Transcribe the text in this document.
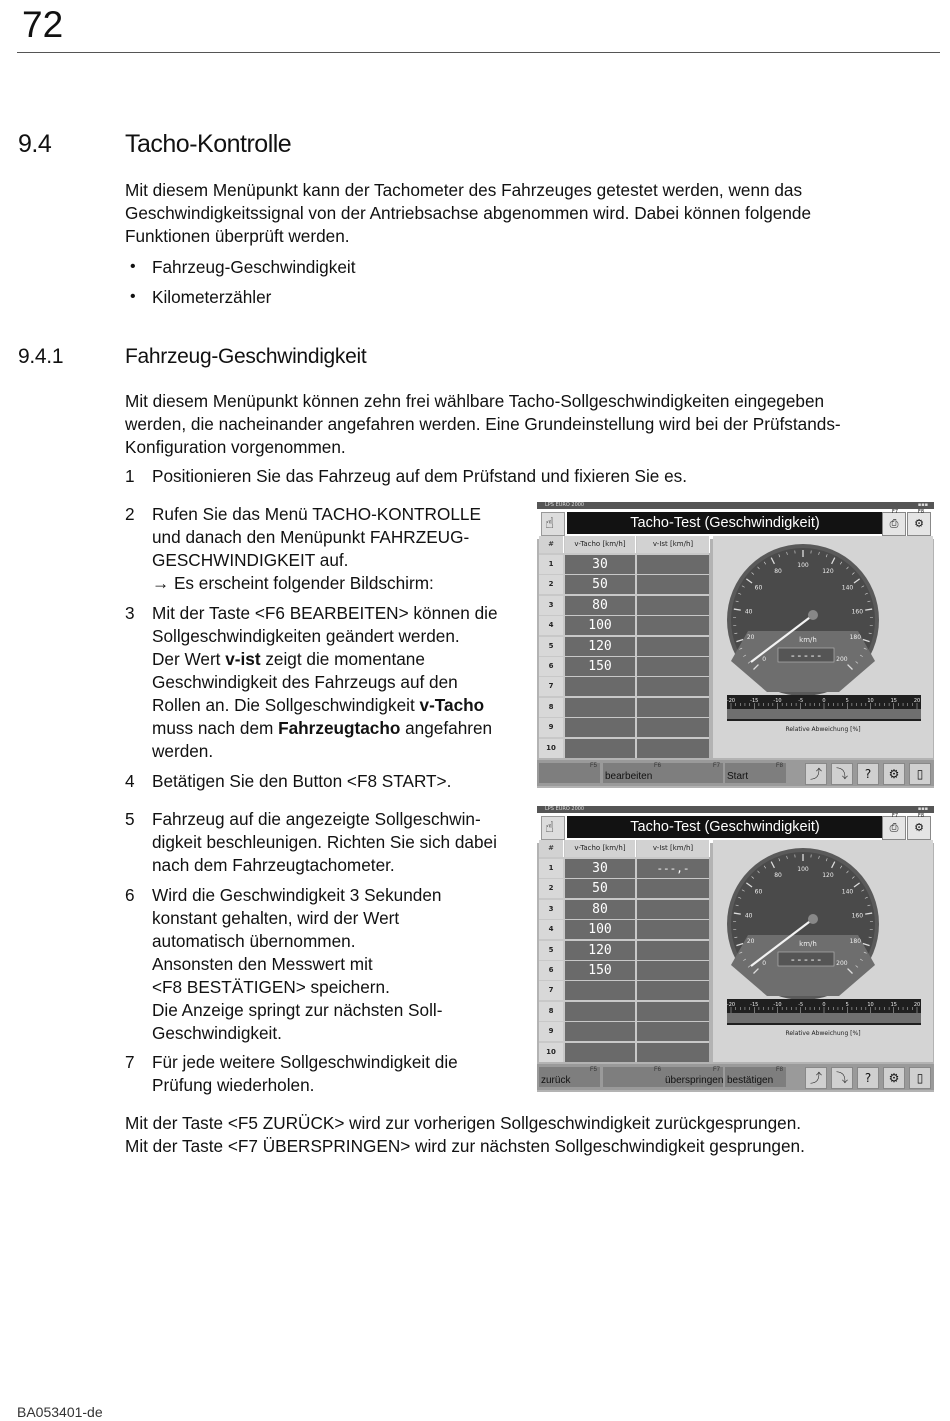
72
9.4	Tacho-Kontrolle
Mit diesem Menüpunkt kann der Tachometer des Fahrzeuges getestet werden, wenn das
Geschwindigkeitssignal von der Antriebsachse abgenommen wird. Dabei können folgende
Funktionen überprüft werden.
• Fahrzeug-Geschwindigkeit
• Kilometerzähler
9.4.1	Fahrzeug-Geschwindigkeit
Mit diesem Menüpunkt können zehn frei wählbare Tacho-Sollgeschwindigkeiten eingegeben
werden, die nacheinander angefahren werden. Eine Grundeinstellung wird bei der Prüfstands-
Konfiguration vorgenommen.
1 Positionieren Sie das Fahrzeug auf dem Prüfstand und fixieren Sie es.
2 Rufen Sie das Menü TACHO-KONTROLLE
und danach den Menüpunkt FAHRZEUG-
GESCHWINDIGKEIT auf.
→ Es erscheint folgender Bildschirm:
3 Mit der Taste <F6 BEARBEITEN> können die
Sollgeschwindigkeiten geändert werden.
Der Wert v-ist zeigt die momentane
Geschwindigkeit des Fahrzeugs auf den
Rollen an. Die Sollgeschwindigkeit v-Tacho
muss nach dem Fahrzeugtacho angefahren
werden.
4 Betätigen Sie den Button <F8 START>.
5 Fahrzeug auf die angezeigte Sollgeschwin-
digkeit beschleunigen. Richten Sie sich dabei
nach dem Fahrzeugtachometer.
6 Wird die Geschwindigkeit 3 Sekunden
konstant gehalten, wird der Wert
automatisch übernommen.
Ansonsten den Messwert mit
<F8 BESTÄTIGEN> speichern.
Die Anzeige springt zur nächsten Soll-
Geschwindigkeit.
7 Für jede weitere Sollgeschwindigkeit die
Prüfung wiederholen.
Mit der Taste <F5 ZURÜCK> wird zur vorherigen Sollgeschwindigkeit zurückgesprungen.
Mit der Taste <F7 ÜBERSPRINGEN> wird zur nächsten Sollgeschwindigkeit gesprungen.
BA053401-de
LPS EURO 2000	▪▪▪
☝	Tacho-Test (Geschwindigkeit)	⎙	⚙
F7	F8
#	v-Tacho [km/h]	v-Ist [km/h]
1	30
2	50
3	80
4	100
5	120
6	150
7
8
9
10
0
20
40
60
80
100
120
140
160
180
200
km/h
-----
-20	-15	-10	-5	0	5	10	15	20
Relative Abweichung [%]
F5
bearbeiten
F6	F7
Start
F8
⤴	⤵	?	⚙	▯
LPS EURO 2000	▪▪▪
☝	Tacho-Test (Geschwindigkeit)	⎙	⚙
F7	F8
#	v-Tacho [km/h]	v-Ist [km/h]
1	30	---,-
2	50
3	80
4	100
5	120
6	150
7
8
9
10
0
20
40
60
80
100
120
140
160
180
200
km/h
-----
-20	-15	-10	-5	0	5	10	15	20
Relative Abweichung [%]
zurück
F5	F6
überspringen
F7
bestätigen
F8
⤴	⤵	?	⚙	▯
